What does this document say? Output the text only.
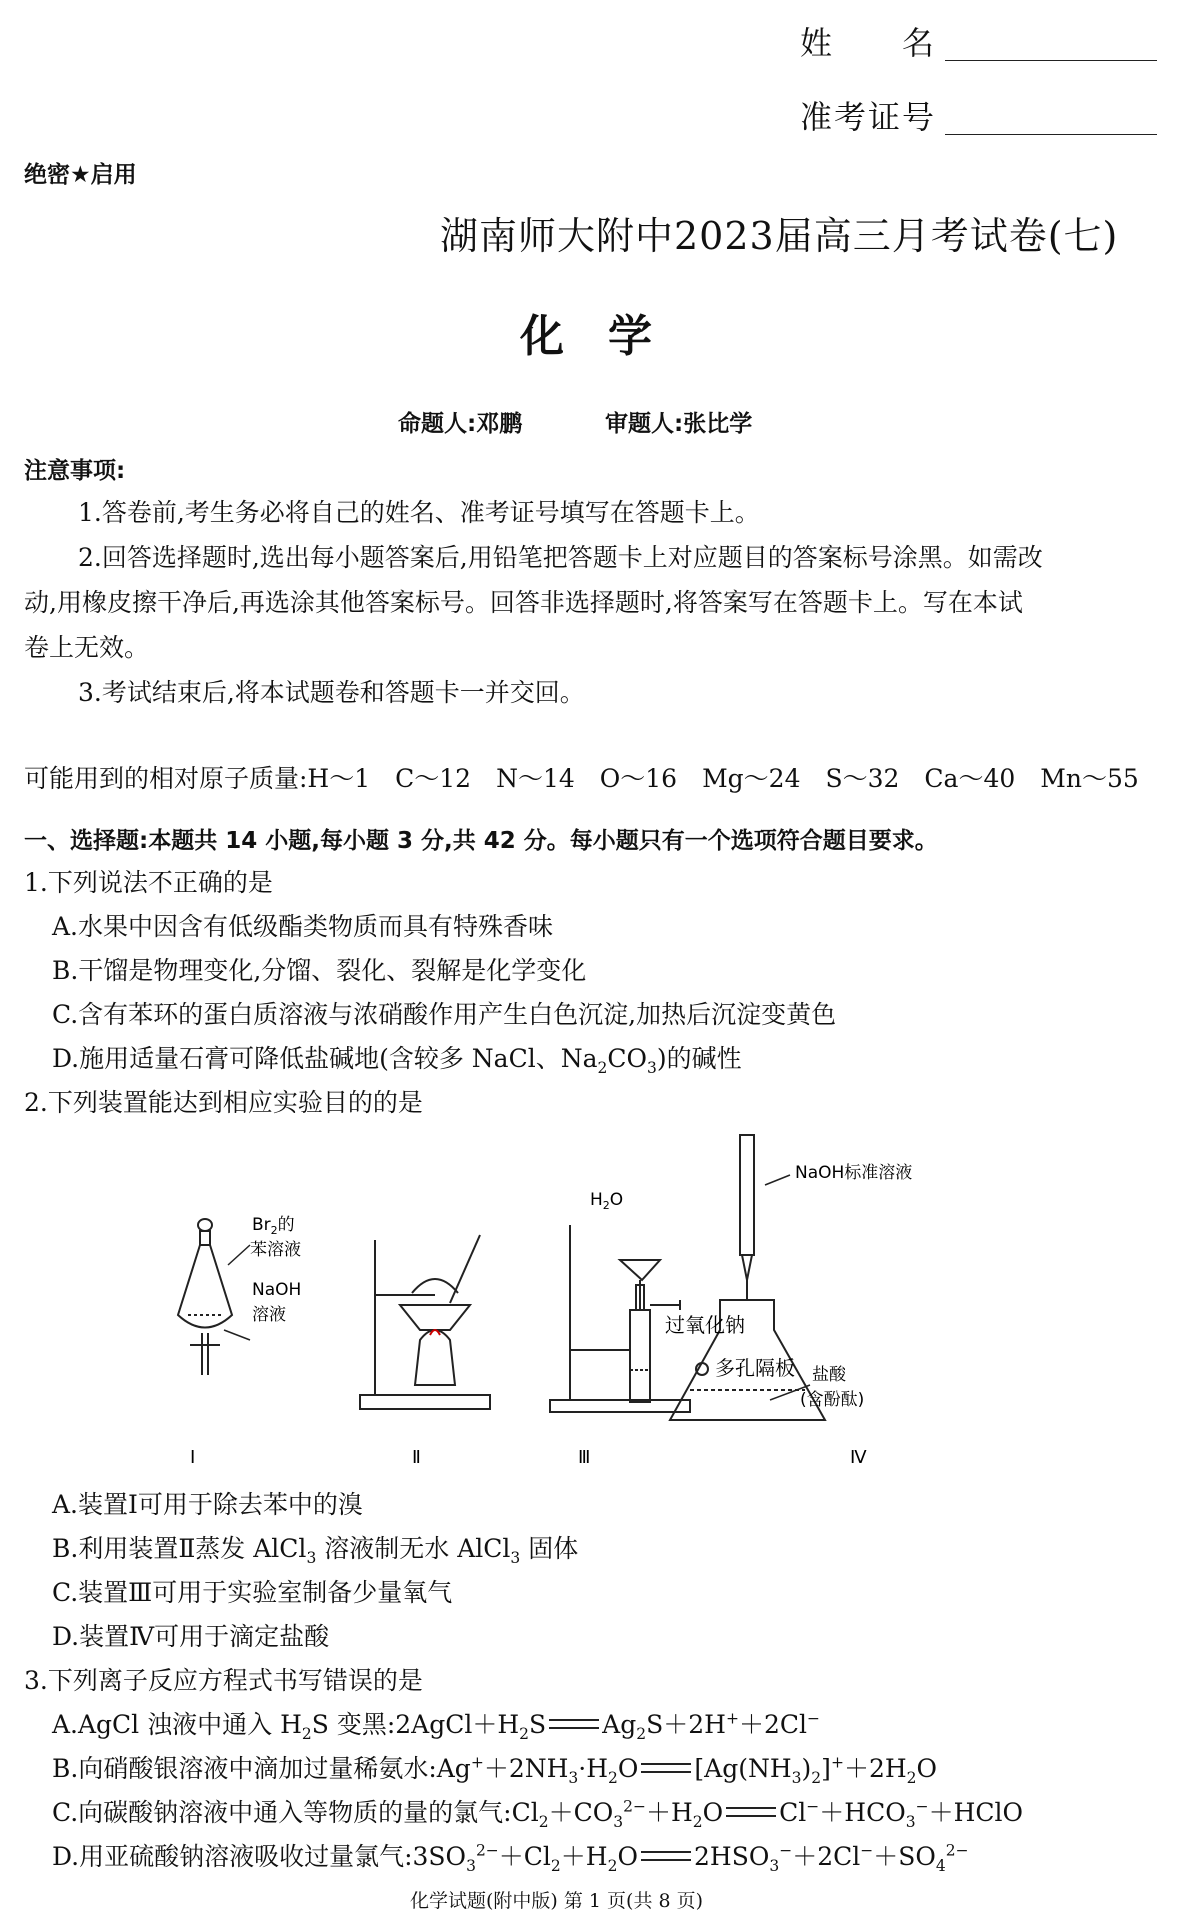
姓　　名
准考证号
绝密★启用
湖南师大附中2023届高三月考试卷(七)
化　学
命题人:邓鹏	审题人:张比学
注意事项:
1.答卷前,考生务必将自己的姓名、准考证号填写在答题卡上。
2.回答选择题时,选出每小题答案后,用铅笔把答题卡上对应题目的答案标号涂黑。如需改
动,用橡皮擦干净后,再选涂其他答案标号。回答非选择题时,将答案写在答题卡上。写在本试
卷上无效。
3.考试结束后,将本试题卷和答题卡一并交回。
可能用到的相对原子质量:H～1　C～12　N～14　O～16　Mg～24　S～32　Ca～40　Mn～55
一、选择题:本题共 14 小题,每小题 3 分,共 42 分。每小题只有一个选项符合题目要求。
1.下列说法不正确的是
A.水果中因含有低级酯类物质而具有特殊香味
B.干馏是物理变化,分馏、裂化、裂解是化学变化
C.含有苯环的蛋白质溶液与浓硝酸作用产生白色沉淀,加热后沉淀变黄色
D.施用适量石膏可降低盐碱地(含较多 NaCl、$Na_2CO_3$)的碱性
2.下列装置能达到相应实验目的的是
$Br_2$的
苯溶液
NaOH
溶液
$H_2O$
过氧化钠
多孔隔板
NaOH标准溶液
盐酸
(含酚酞)
Ⅰ	Ⅱ	Ⅲ	Ⅳ
A.装置Ⅰ可用于除去苯中的溴
B.利用装置Ⅱ蒸发 AlCl$_3$ 溶液制无水 AlCl$_3$ 固体
C.装置Ⅲ可用于实验室制备少量氧气
D.装置Ⅳ可用于滴定盐酸
3.下列离子反应方程式书写错误的是
A.AgCl 浊液中通入 $H_2S$ 变黑$:2AgCl+H_2S$ $Ag_2S+2H^++2Cl^-$
B.向硝酸银溶液中滴加过量稀氨水$:Ag^++2NH_3\cdot H_2O$ $[Ag(NH_3)_2]^++2H_2O$
C.向碳酸钠溶液中通入等物质的量的氯气$:Cl_2+CO_3^{2-}+H_2O$ $Cl^-+HCO_3^-+HClO$
D.用亚硫酸钠溶液吸收过量氯气$:3SO_3^{2-}+Cl_2+H_2O$ $2HSO_3^-+2Cl^-+SO_4^{2-}$
化学试题(附中版) 第 1 页(共 8 页)
